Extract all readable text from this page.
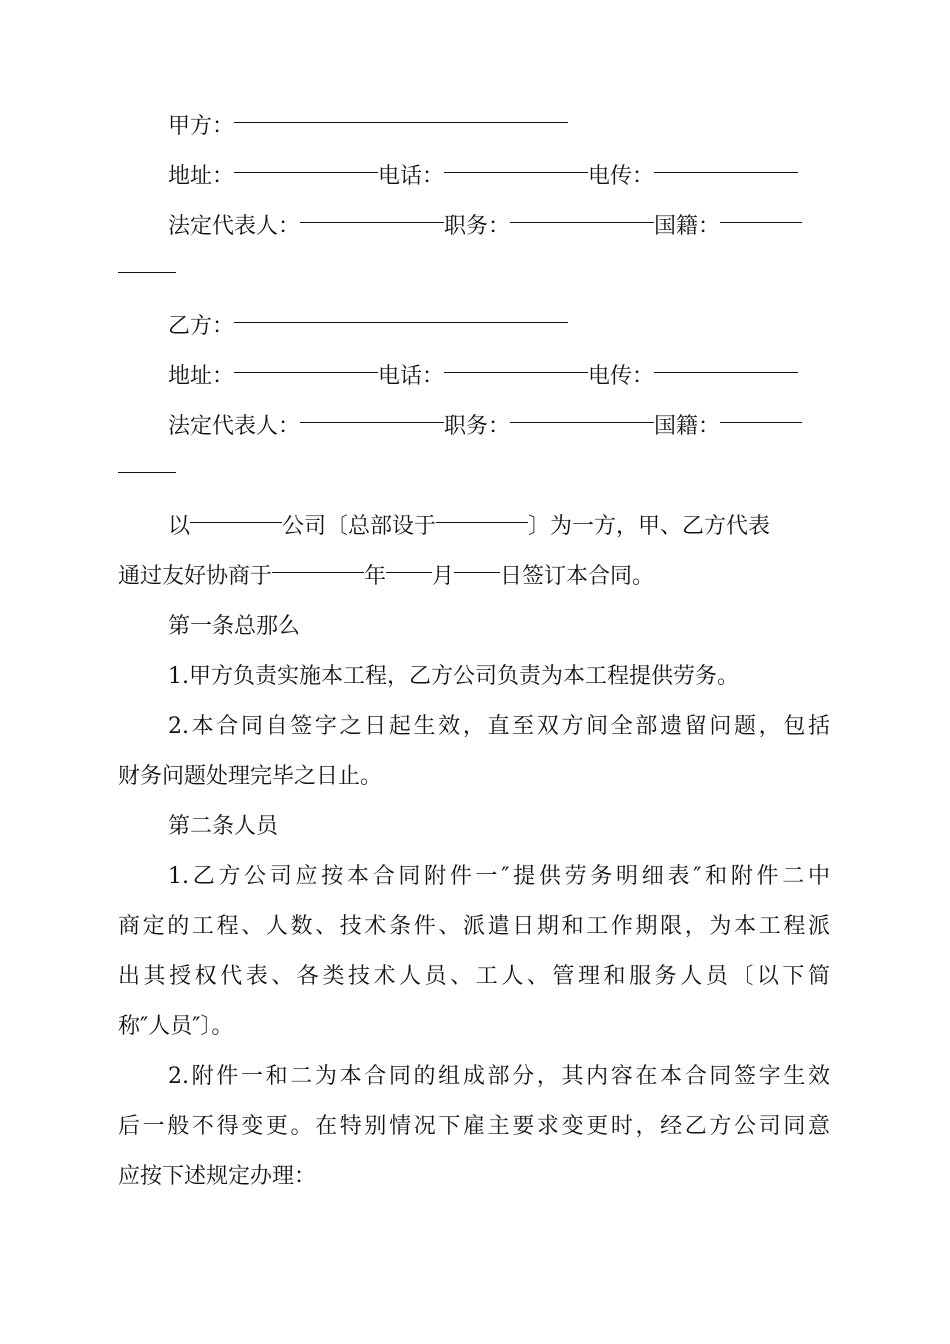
甲方：
地址：	电话：	电传：
法定代表人：	职务：	国籍：
乙方：
地址：	电话：	电传：
法定代表人：	职务：	国籍：
以	公司〔总部设于	〕为一方，甲、乙方代表
通过友好协商于	年 月 日签订本合同。
第一条总那么
1.甲方负责实施本工程，乙方公司负责为本工程提供劳务。
2.本合同自签字之日起生效，直至双方间全部遗留问题，包括
财务问题处理完毕之日止。
第二条人员
1.乙方公司应按本合同附件一″提供劳务明细表″和附件二中
商定的工程、人数、技术条件、派遣日期和工作期限，为本工程派
出其授权代表、各类技术人员、工人、管理和服务人员〔以下简
称″人员″〕。
2.附件一和二为本合同的组成部分，其内容在本合同签字生效
后一般不得变更。在特别情况下雇主要求变更时，经乙方公司同意
应按下述规定办理：
